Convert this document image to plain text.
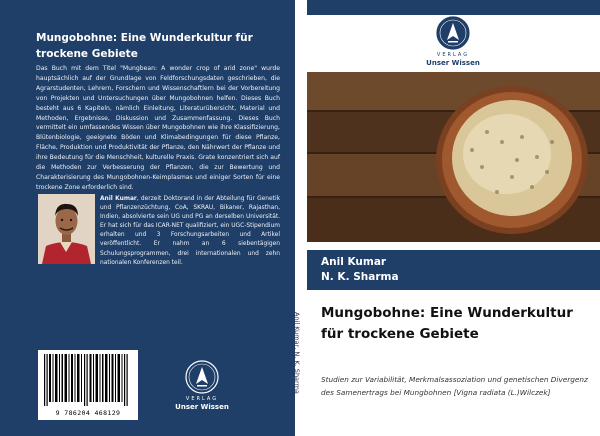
Mungobohne: Eine Wunderkultur für trockene Gebiete
Das Buch mit dem Titel "Mungbean: A wonder crop of arid zone" wurde hauptsächlich auf der Grundlage von Feldforschungsdaten geschrieben, die Agrarstudenten, Lehrern, Forschern und Wissenschaftlern bei der Vorbereitung von Projekten und Untersuchungen über Mungobohnen helfen. Dieses Buch besteht aus 6 Kapiteln, nämlich Einleitung, Literaturübersicht, Material und Methoden, Ergebnisse, Diskussion und Zusammenfassung. Dieses Buch vermittelt ein umfassendes Wissen über Mungobohnen wie ihre Klassifizierung, Blütenbiologie, geeignete Böden und Klimabedingungen für diese Pflanze, Fläche, Produktion und Produktivität der Pflanze, den Nährwert der Pflanze und ihre Bedeutung für die Menschheit, kulturelle Praxis. Grate konzentriert sich auf die Methoden zur Verbesserung der Pflanzen, die zur Bewertung und Charakterisierung des Mungobohnen-Keimplasmas und einiger Sorten für eine trockene Zone erforderlich sind.
Anil Kumar, derzeit Doktorand in der Abteilung für Genetik und Pflanzenzüchtung, CoA, SKRAU, Bikaner, Rajasthan, Indien, absolvierte sein UG und PG an derselben Universität. Er hat sich für das ICAR-NET qualifiziert, ein UGC-Stipendium erhalten und 3 Forschungsarbeiten und Artikel veröffentlicht. Er nahm an 6 siebentägigen Schulungsprogrammen, drei internationalen und zehn nationalen Konferenzen teil.
9 786204 468129
VERLAG
Unser Wissen
Anil Kumar, N. K. Sharma
VERLAG
Unser Wissen
Anil Kumar
N. K. Sharma
Mungobohne: Eine Wunderkultur für trockene Gebiete
Studien zur Variabilität, Merkmalsassoziation und genetischen Divergenz des Samenertrags bei Mungbohnen [Vigna radiata (L.)Wilczek]
